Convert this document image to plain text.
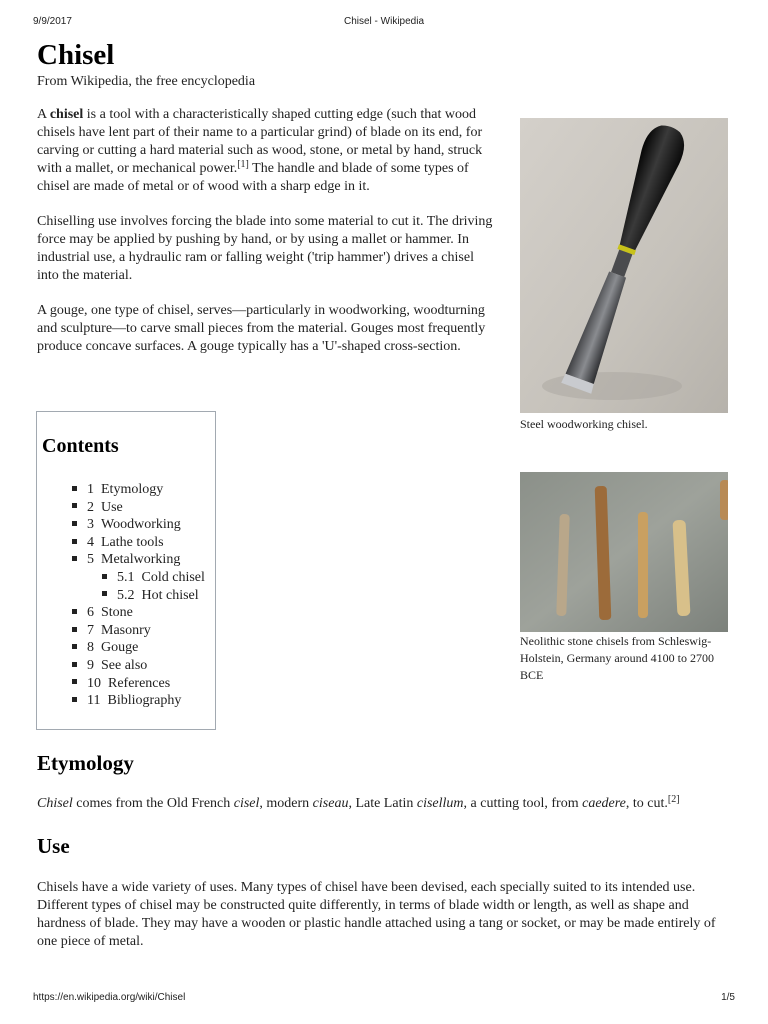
9/9/2017	Chisel - Wikipedia
Chisel
From Wikipedia, the free encyclopedia

A chisel is a tool with a characteristically shaped cutting edge (such that wood chisels have lent part of their name to a particular grind) of blade on its end, for carving or cutting a hard material such as wood, stone, or metal by hand, struck with a mallet, or mechanical power.[1] The handle and blade of some types of chisel are made of metal or of wood with a sharp edge in it.

Chiselling use involves forcing the blade into some material to cut it. The driving force may be applied by pushing by hand, or by using a mallet or hammer. In industrial use, a hydraulic ram or falling weight ('trip hammer') drives a chisel into the material.

A gouge, one type of chisel, serves—particularly in woodworking, woodturning and sculpture—to carve small pieces from the material. Gouges most frequently produce concave surfaces. A gouge typically has a 'U'-shaped cross-section.

Steel woodworking chisel.
Neolithic stone chisels from Schleswig-Holstein, Germany around 4100 to 2700 BCE
Contents
1 Etymology
2 Use
3 Woodworking
4 Lathe tools
5 Metalworking
5.1 Cold chisel
5.2 Hot chisel
6 Stone
7 Masonry
8 Gouge
9 See also
10 References
11 Bibliography
Etymology

Chisel comes from the Old French cisel, modern ciseau, Late Latin cisellum, a cutting tool, from caedere, to cut.[2]

Use

Chisels have a wide variety of uses. Many types of chisel have been devised, each specially suited to its intended use. Different types of chisel may be constructed quite differently, in terms of blade width or length, as well as shape and hardness of blade. They may have a wooden or plastic handle attached using a tang or socket, or may be made entirely of one piece of metal.

https://en.wikipedia.org/wiki/Chisel	1/5
